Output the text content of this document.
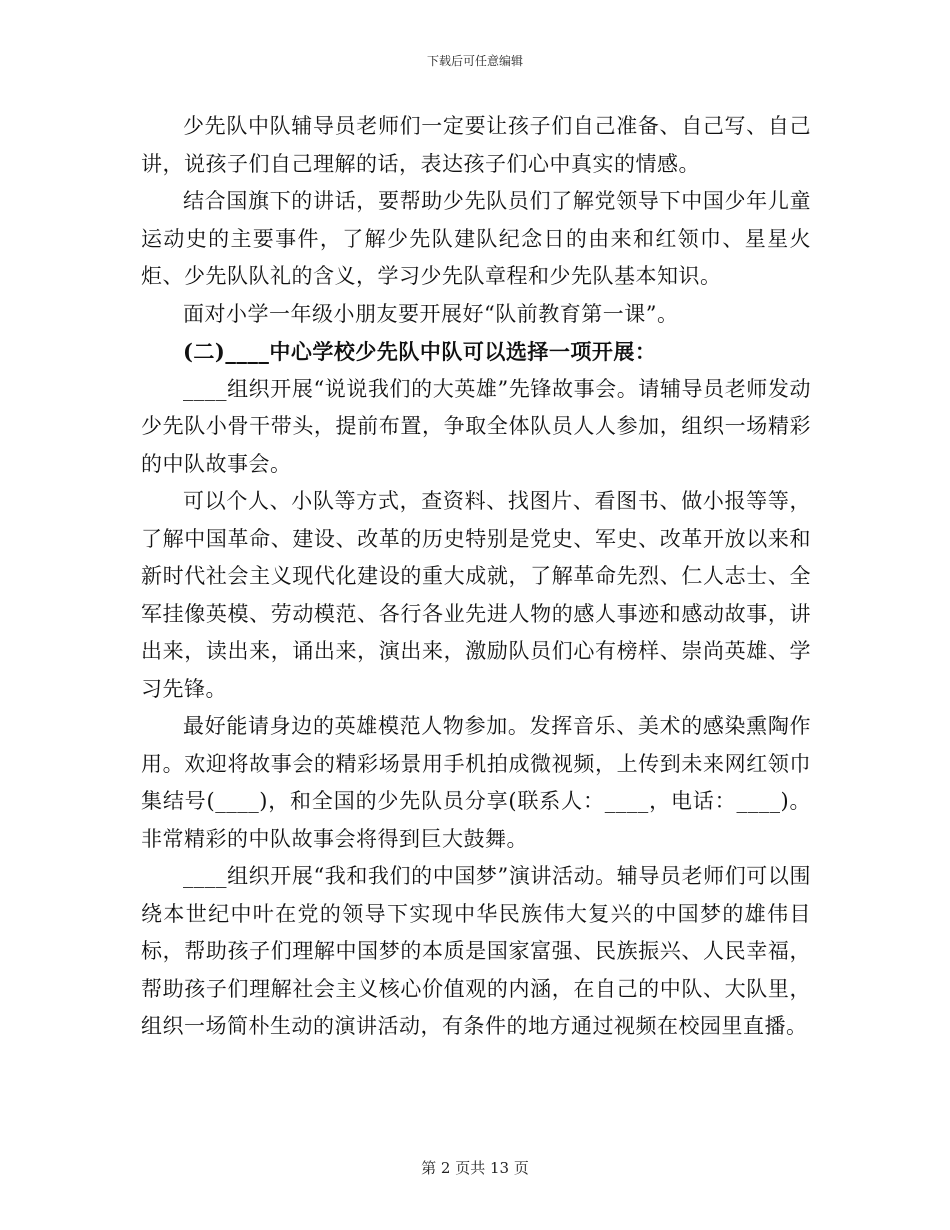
下载后可任意编辑

少先队中队辅导员老师们一定要让孩子们自己准备、自己写、自己讲，说孩子们自己理解的话，表达孩子们心中真实的情感。

结合国旗下的讲话，要帮助少先队员们了解党领导下中国少年儿童运动史的主要事件，了解少先队建队纪念日的由来和红领巾、星星火炬、少先队队礼的含义，学习少先队章程和少先队基本知识。

面对小学一年级小朋友要开展好“队前教育第一课”。

(二)____中心学校少先队中队可以选择一项开展：

____组织开展“说说我们的大英雄”先锋故事会。请辅导员老师发动少先队小骨干带头，提前布置，争取全体队员人人参加，组织一场精彩的中队故事会。

可以个人、小队等方式，查资料、找图片、看图书、做小报等等，了解中国革命、建设、改革的历史特别是党史、军史、改革开放以来和新时代社会主义现代化建设的重大成就，了解革命先烈、仁人志士、全军挂像英模、劳动模范、各行各业先进人物的感人事迹和感动故事，讲出来，读出来，诵出来，演出来，激励队员们心有榜样、崇尚英雄、学习先锋。

最好能请身边的英雄模范人物参加。发挥音乐、美术的感染熏陶作用。欢迎将故事会的精彩场景用手机拍成微视频，上传到未来网红领巾集结号(____)，和全国的少先队员分享(联系人：____，电话：____)。非常精彩的中队故事会将得到巨大鼓舞。

____组织开展“我和我们的中国梦”演讲活动。辅导员老师们可以围绕本世纪中叶在党的领导下实现中华民族伟大复兴的中国梦的雄伟目标，帮助孩子们理解中国梦的本质是国家富强、民族振兴、人民幸福，帮助孩子们理解社会主义核心价值观的内涵，在自己的中队、大队里，组织一场简朴生动的演讲活动，有条件的地方通过视频在校园里直播。

第 2 页共 13 页
